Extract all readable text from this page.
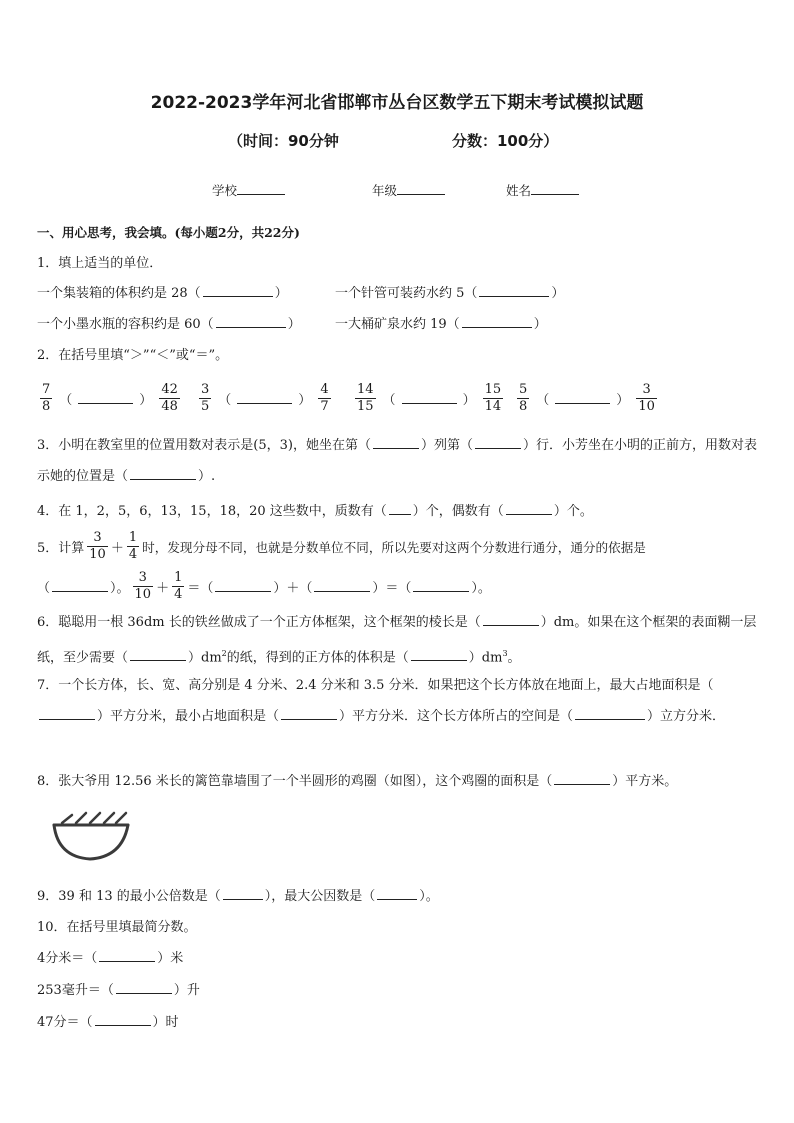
2022-2023学年河北省邯郸市丛台区数学五下期末考试模拟试题
（时间：90分钟	分数：100分）
学校	年级	姓名
一、用心思考，我会填。(每小题2分，共22分)
1．填上适当的单位．
一个集装箱的体积约是 28（	）	一个针管可装药水约 5（	）
一个小墨水瓶的容积约是 60（	）	一大桶矿泉水约 19（	）
2．在括号里填“＞”“＜”或“＝”。
$\frac{7}{8}$ （	） $\frac{42}{48} \frac{3}{5}$ （	） $\frac{4}{7} \frac{14}{15}$ （	） $\frac{15}{14} \frac{5}{8}$ （	） $\frac{3}{10}$
3．小明在教室里的位置用数对表示是(5，3)，她坐在第（	）列第（	）行．小芳坐在小明的正前方，用数对表示她的位置是（	）.
4．在 1，2，5，6，13，15，18，20 这些数中，质数有（ ）个，偶数有（	）个。
5．计算 $\frac{3}{10} + \frac{1}{4}$ 时，发现分母不同，也就是分数单位不同，所以先要对这两个分数进行通分，通分的依据是
（	）。 $\frac{3}{10} + \frac{1}{4}$ ＝（	）＋（	）＝（	）。
6．聪聪用一根 36dm 长的铁丝做成了一个正方体框架，这个框架的棱长是（	）dm。如果在这个框架的表面糊一层纸，至少需要（	）$dm^2$的纸，得到的正方体的体积是（	）$dm^3$。
7．一个长方体，长、宽、高分别是 4 分米、2.4 分米和 3.5 分米．如果把这个长方体放在地面上，最大占地面积是（）平方分米，最小占地面积是（	）平方分米．这个长方体所占的空间是（	）立方分米．
8．张大爷用 12.56 米长的篱笆靠墙围了一个半圆形的鸡圈（如图），这个鸡圈的面积是（	）平方米。
9．39 和 13 的最小公倍数是（	），最大公因数是（	）。
10．在括号里填最简分数。
4分米＝（	）米
253毫升＝（	）升
47分＝（	）时
